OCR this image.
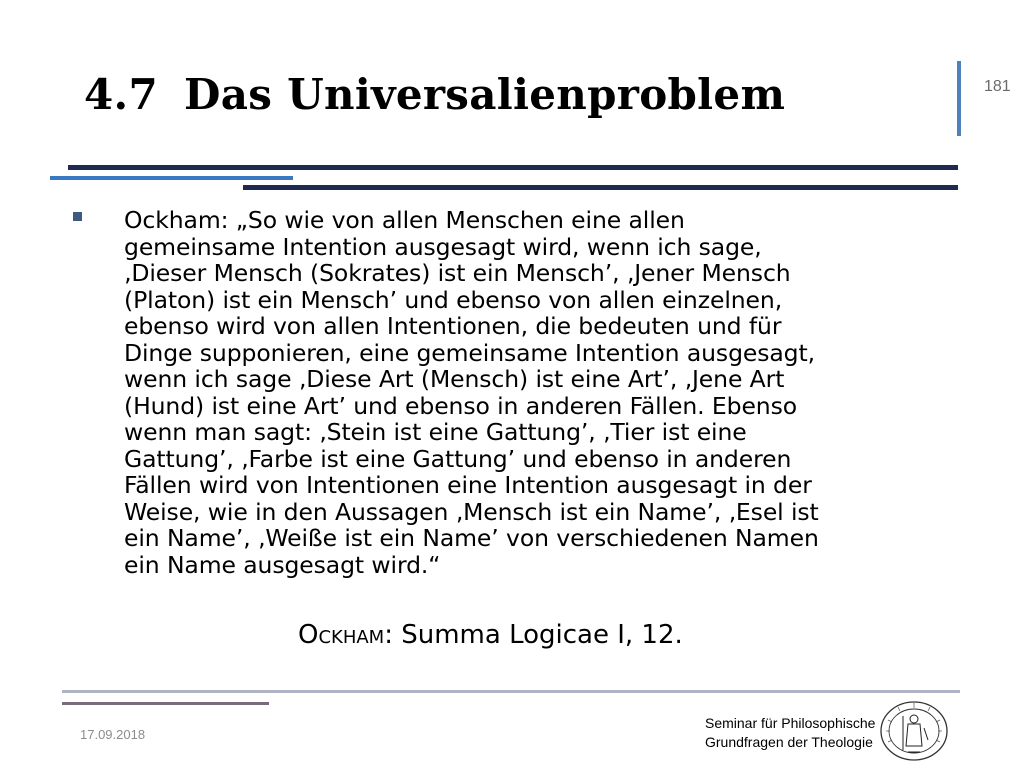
4.7 Das Universalienproblem	181
Ockham: „So wie von allen Menschen eine allen
gemeinsame Intention ausgesagt wird, wenn ich sage,
‚Dieser Mensch (Sokrates) ist ein Mensch’, ‚Jener Mensch
(Platon) ist ein Mensch’ und ebenso von allen einzelnen,
ebenso wird von allen Intentionen, die bedeuten und für
Dinge supponieren, eine gemeinsame Intention ausgesagt,
wenn ich sage ‚Diese Art (Mensch) ist eine Art’, ‚Jene Art
(Hund) ist eine Art’ und ebenso in anderen Fällen. Ebenso
wenn man sagt: ‚Stein ist eine Gattung’, ‚Tier ist eine
Gattung’, ‚Farbe ist eine Gattung’ und ebenso in anderen
Fällen wird von Intentionen eine Intention ausgesagt in der
Weise, wie in den Aussagen ‚Mensch ist ein Name’, ‚Esel ist
ein Name’, ‚Weiße ist ein Name’ von verschiedenen Namen
ein Name ausgesagt wird.“
Ockham: Summa Logicae I, 12.
17.09.2018
Seminar für Philosophische
Grundfragen der Theologie
